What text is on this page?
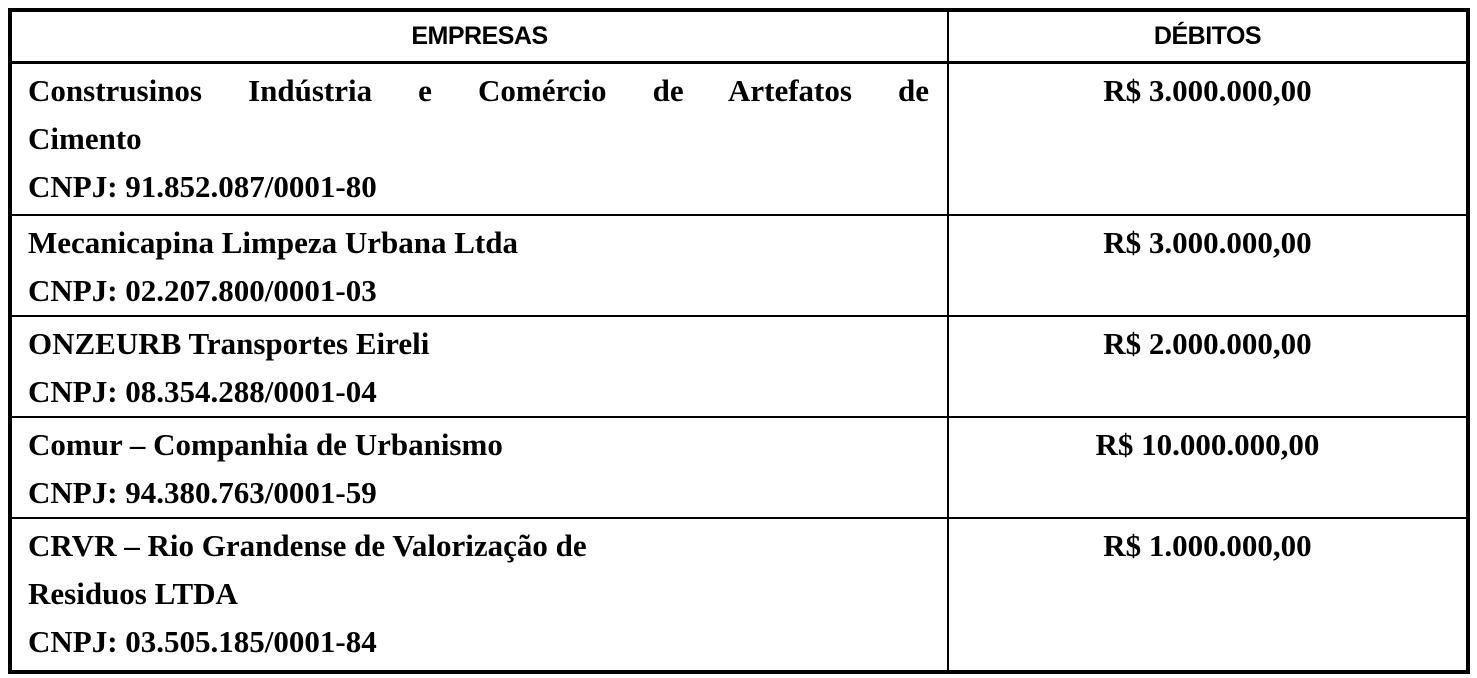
EMPRESAS	DÉBITOS

Construsinos Indústria e Comércio de Artefatos de
Cimento
CNPJ: 91.852.087/0001-80	R$ 3.000.000,00

Mecanicapina Limpeza Urbana Ltda
CNPJ: 02.207.800/0001-03	R$ 3.000.000,00

ONZEURB Transportes Eireli
CNPJ: 08.354.288/0001-04	R$ 2.000.000,00

Comur – Companhia de Urbanismo
CNPJ: 94.380.763/0001-59	R$ 10.000.000,00

CRVR – Rio Grandense de Valorização de
Residuos LTDA
CNPJ: 03.505.185/0001-84	R$ 1.000.000,00
